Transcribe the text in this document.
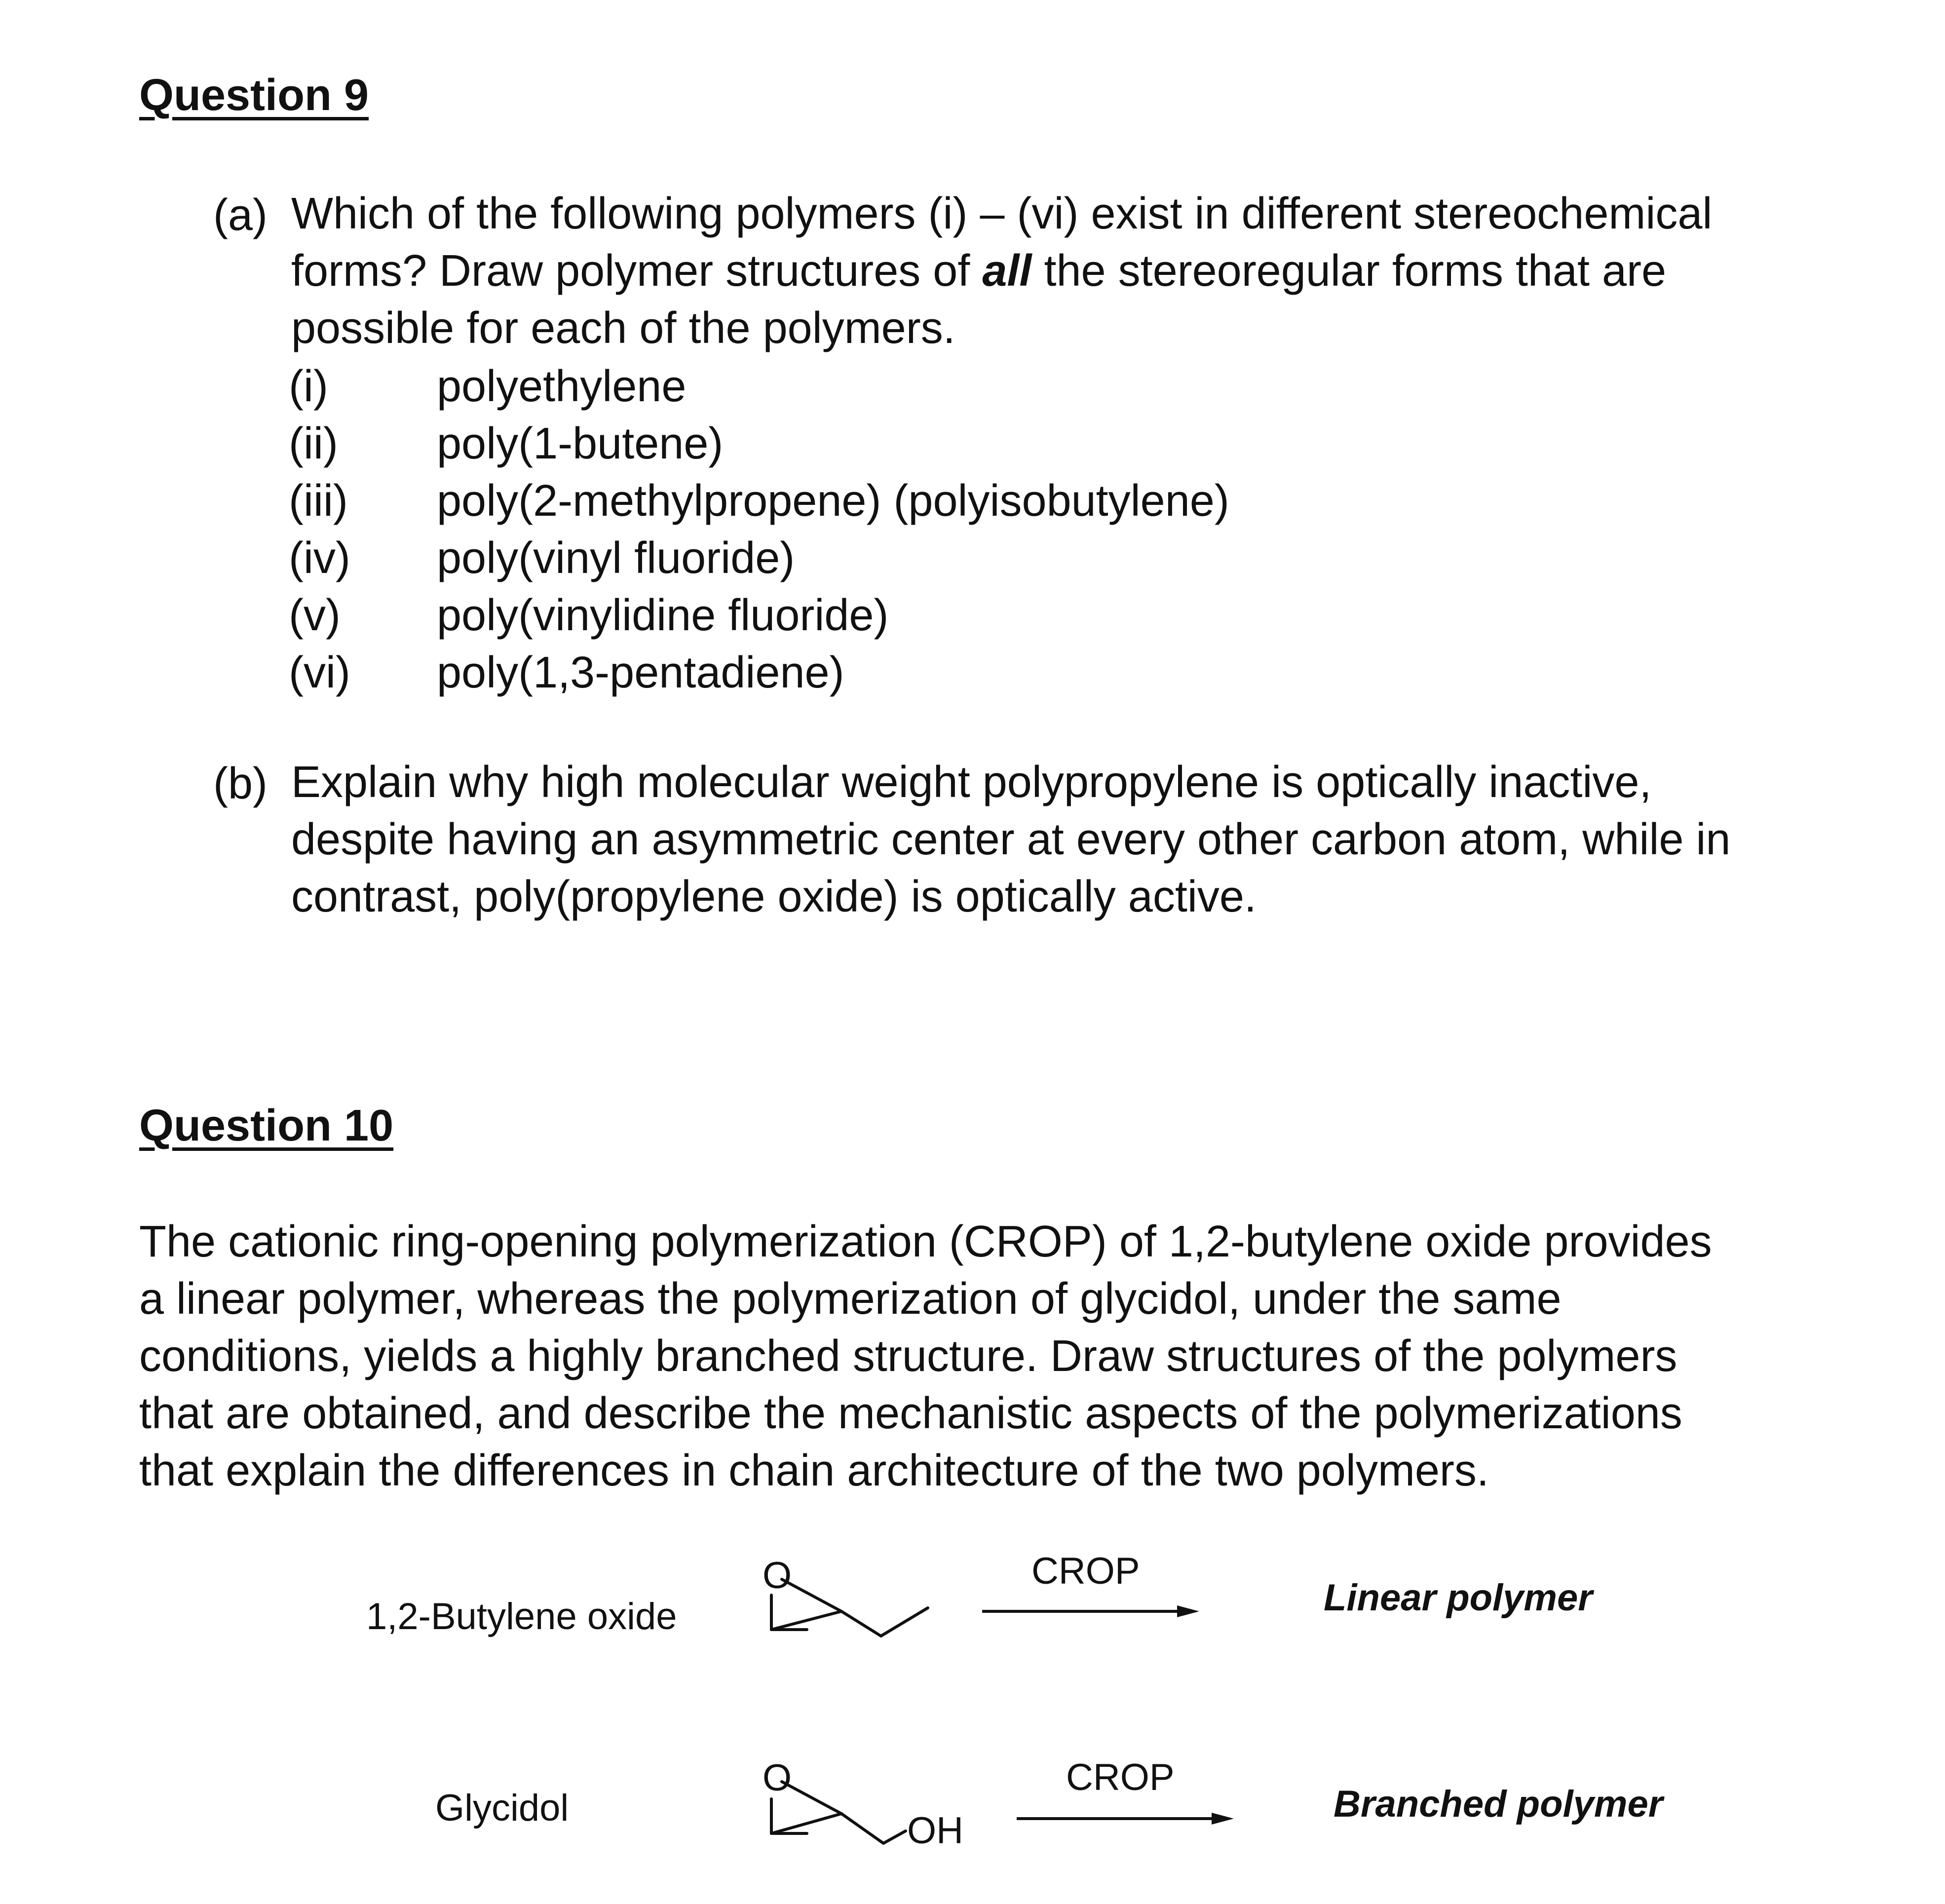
Question 9
(a) Which of the following polymers (i) – (vi) exist in different stereochemical
forms? Draw polymer structures of all the stereoregular forms that are
possible for each of the polymers.
(i) polyethylene
(ii) poly(1-butene)
(iii) poly(2-methylpropene) (polyisobutylene)
(iv) poly(vinyl fluoride)
(v) poly(vinylidine fluoride)
(vi) poly(1,3-pentadiene)
(b) Explain why high molecular weight polypropylene is optically inactive,
despite having an asymmetric center at every other carbon atom, while in
contrast, poly(propylene oxide) is optically active.
Question 10
The cationic ring-opening polymerization (CROP) of 1,2-butylene oxide provides
a linear polymer, whereas the polymerization of glycidol, under the same
conditions, yields a highly branched structure. Draw structures of the polymers
that are obtained, and describe the mechanistic aspects of the polymerizations
that explain the differences in chain architecture of the two polymers.
1,2-Butylene oxide
O	CROP
Linear polymer
Glycidol
O
OH
CROP
Branched polymer
